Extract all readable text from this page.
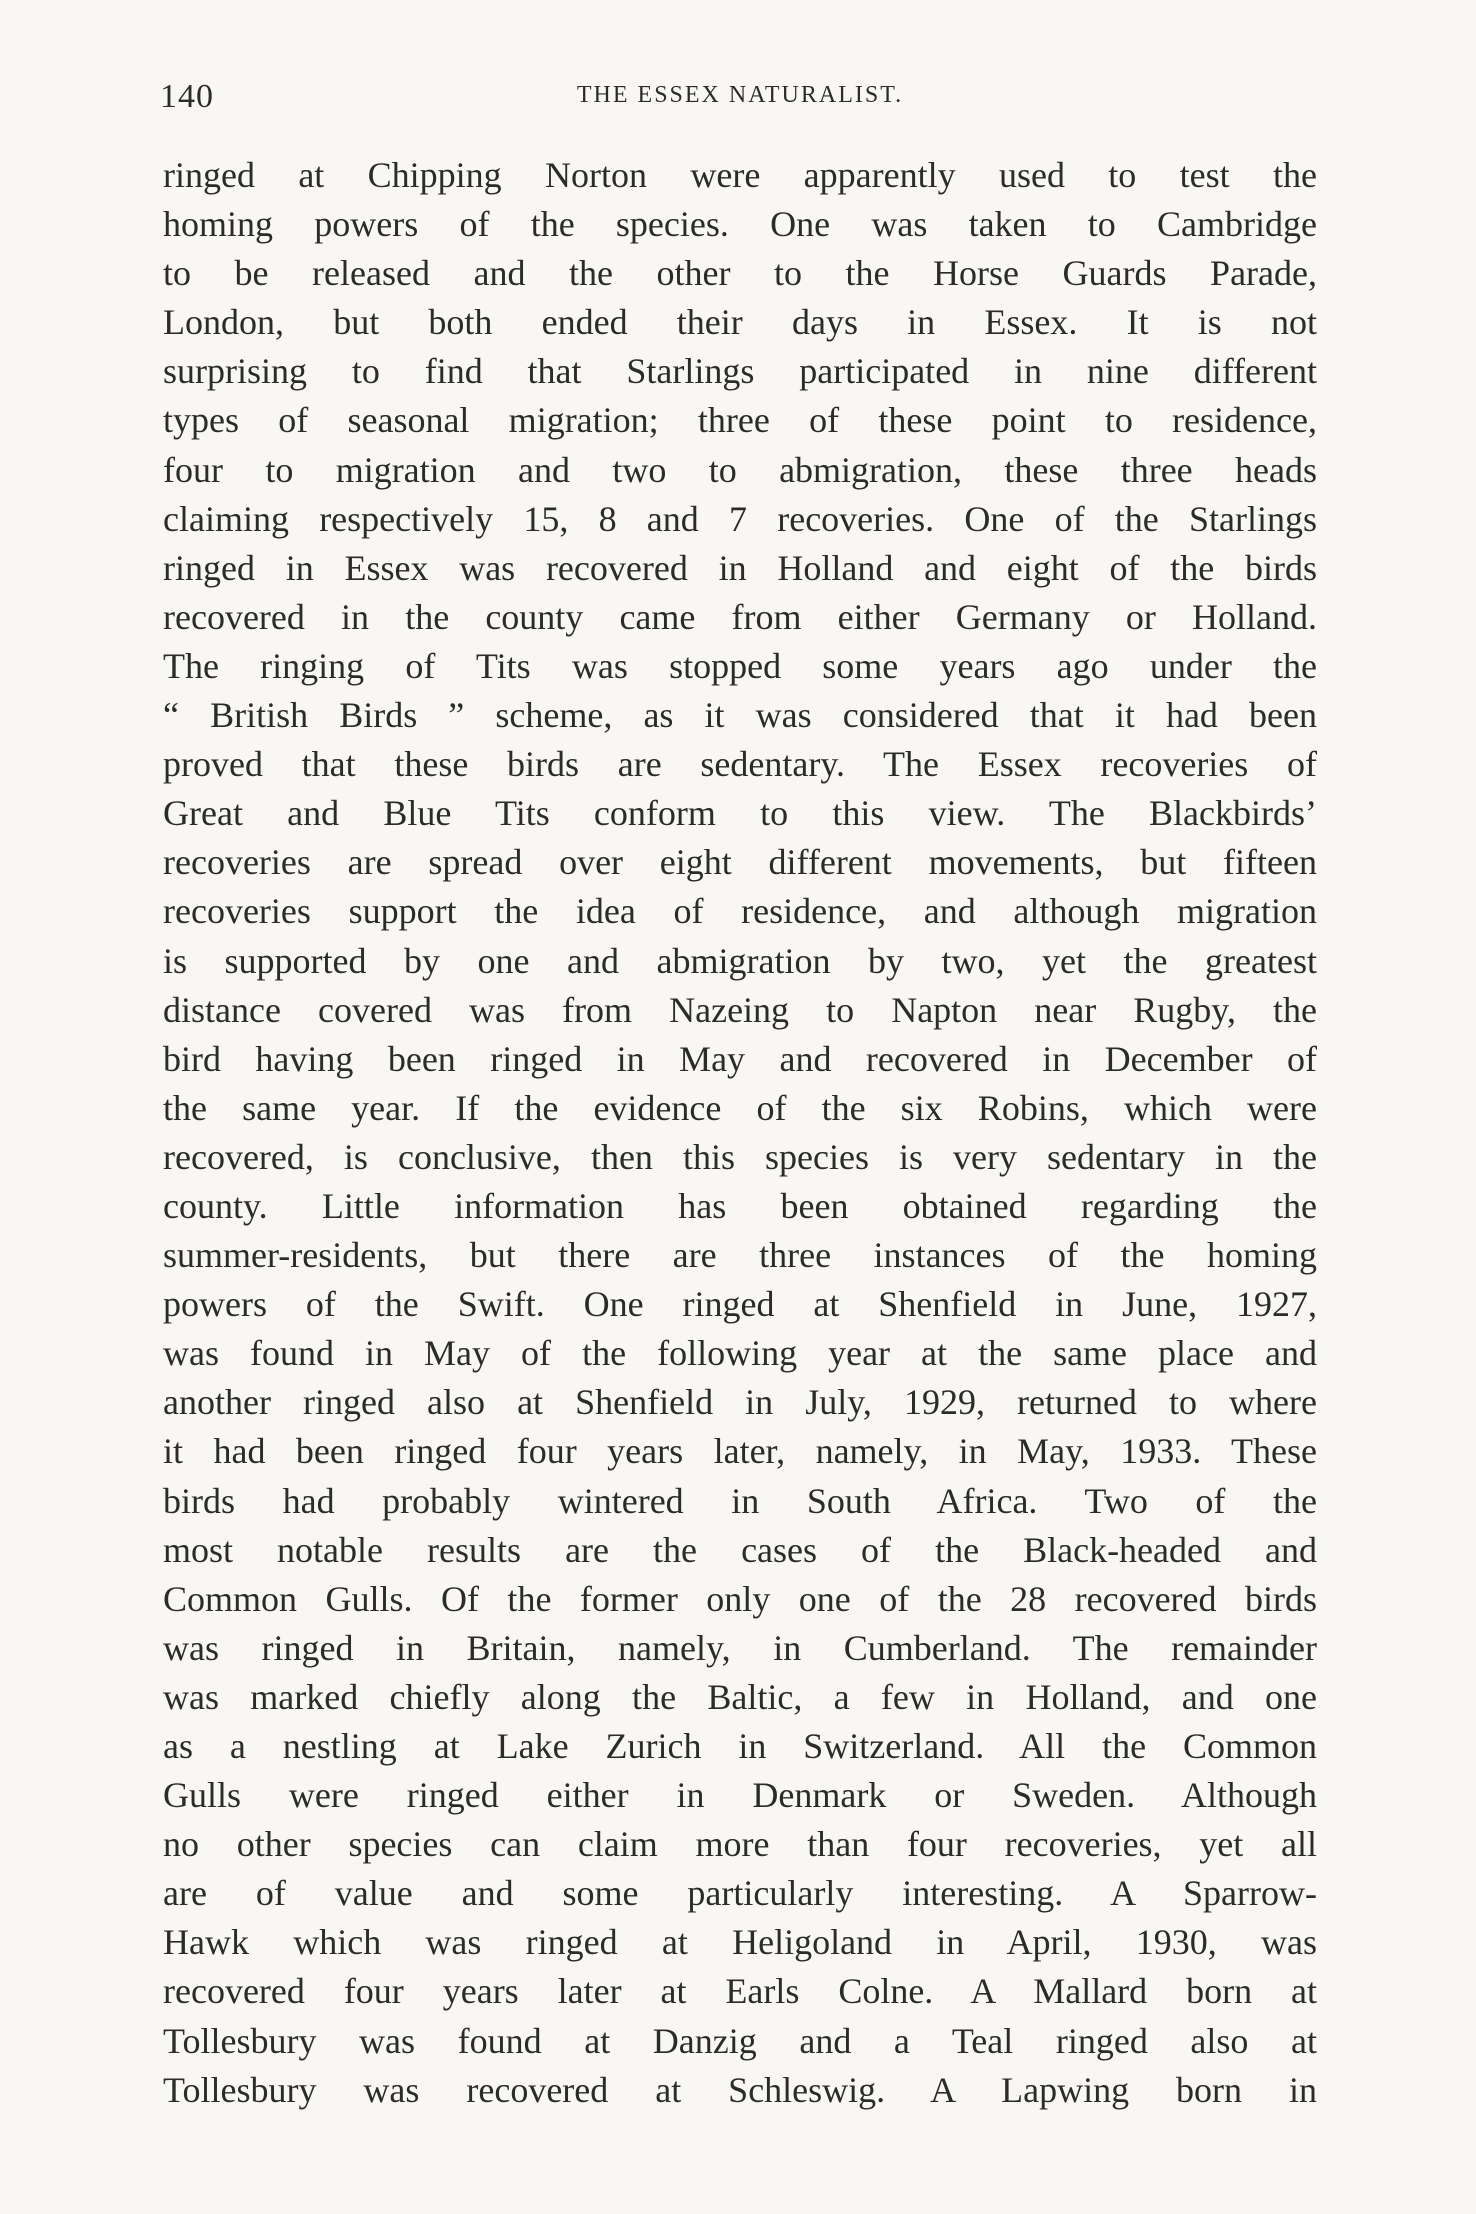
140	THE ESSEX NATURALIST.
ringed at Chipping Norton were apparently used to test the
homing powers of the species. One was taken to Cambridge
to be released and the other to the Horse Guards Parade,
London, but both ended their days in Essex. It is not
surprising to find that Starlings participated in nine different
types of seasonal migration; three of these point to residence,
four to migration and two to abmigration, these three heads
claiming respectively 15, 8 and 7 recoveries. One of the Starlings
ringed in Essex was recovered in Holland and eight of the birds
recovered in the county came from either Germany or Holland.
The ringing of Tits was stopped some years ago under the
“ British Birds ” scheme, as it was considered that it had been
proved that these birds are sedentary. The Essex recoveries of
Great and Blue Tits conform to this view. The Blackbirds’
recoveries are spread over eight different movements, but fifteen
recoveries support the idea of residence, and although migration
is supported by one and abmigration by two, yet the greatest
distance covered was from Nazeing to Napton near Rugby, the
bird having been ringed in May and recovered in December of
the same year. If the evidence of the six Robins, which were
recovered, is conclusive, then this species is very sedentary in the
county. Little information has been obtained regarding the
summer-residents, but there are three instances of the homing
powers of the Swift. One ringed at Shenfield in June, 1927,
was found in May of the following year at the same place and
another ringed also at Shenfield in July, 1929, returned to where
it had been ringed four years later, namely, in May, 1933. These
birds had probably wintered in South Africa. Two of the
most notable results are the cases of the Black-headed and
Common Gulls. Of the former only one of the 28 recovered birds
was ringed in Britain, namely, in Cumberland. The remainder
was marked chiefly along the Baltic, a few in Holland, and one
as a nestling at Lake Zurich in Switzerland. All the Common
Gulls were ringed either in Denmark or Sweden. Although
no other species can claim more than four recoveries, yet all
are of value and some particularly interesting. A Sparrow-
Hawk which was ringed at Heligoland in April, 1930, was
recovered four years later at Earls Colne. A Mallard born at
Tollesbury was found at Danzig and a Teal ringed also at
Tollesbury was recovered at Schleswig. A Lapwing born in
